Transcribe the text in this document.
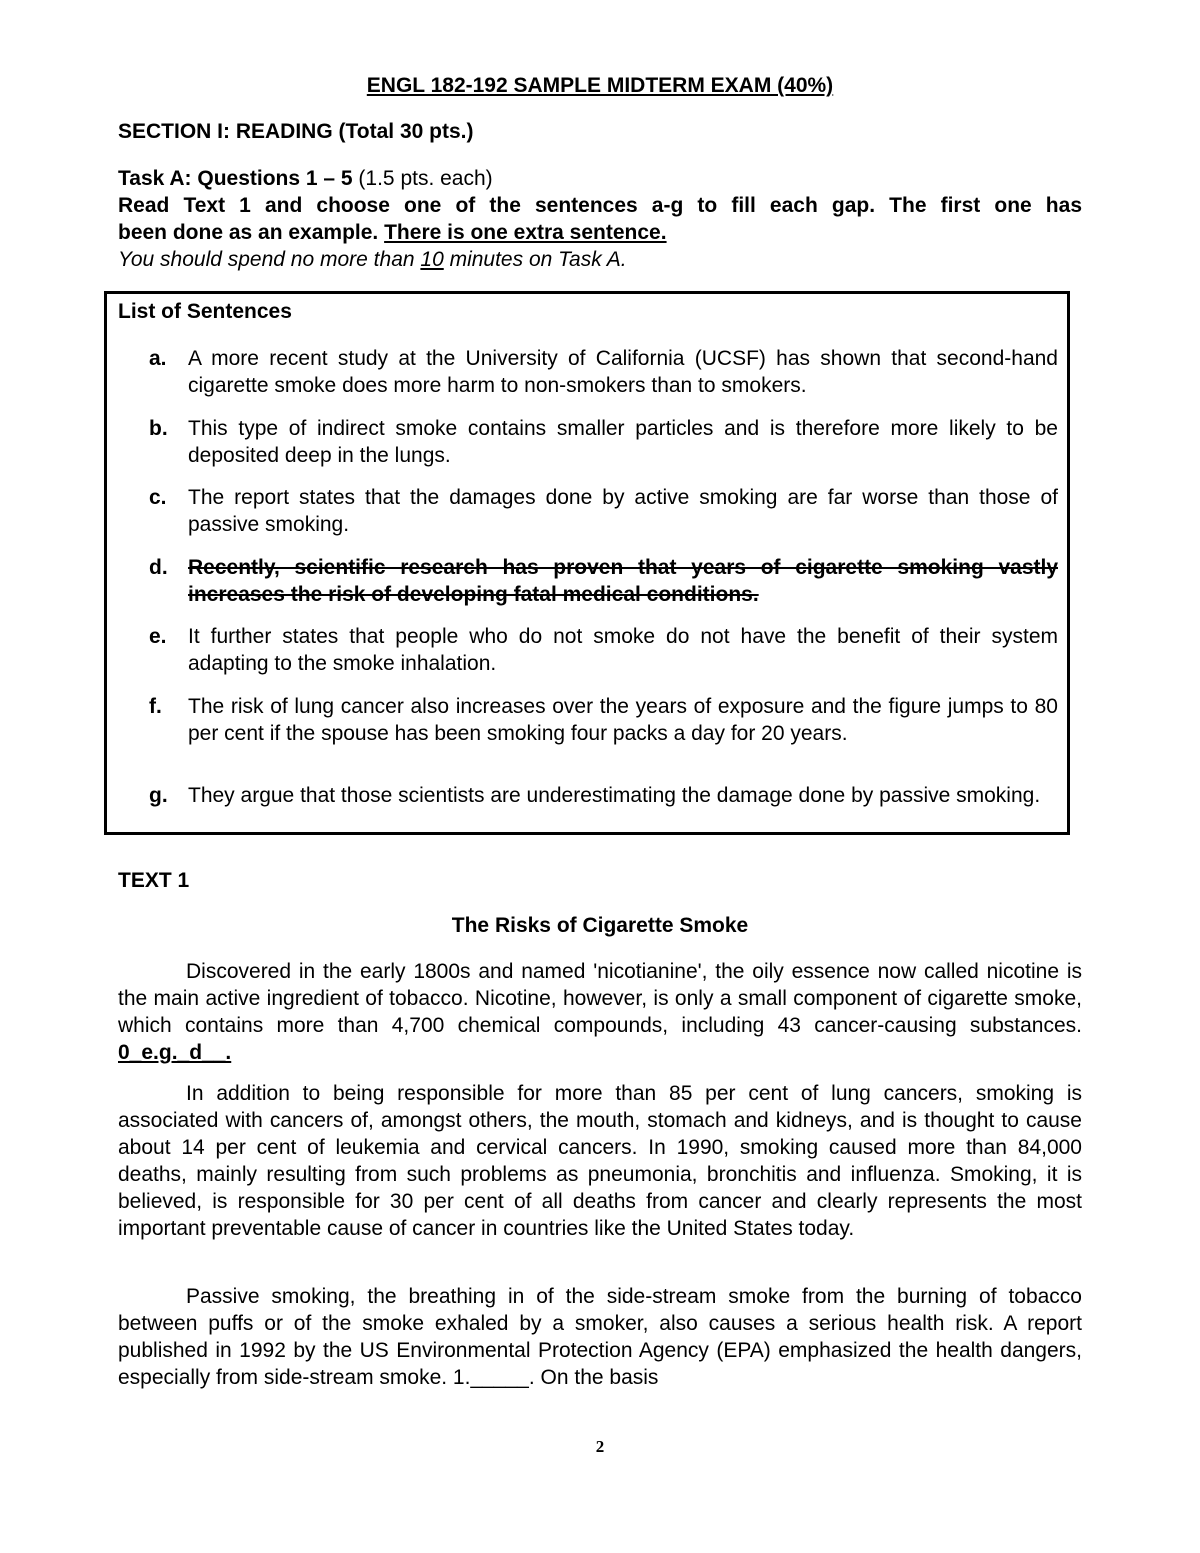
ENGL 182-192 SAMPLE MIDTERM EXAM (40%)
SECTION I: READING (Total 30 pts.)
Task A: Questions 1 – 5 (1.5 pts. each)
Read Text 1 and choose one of the sentences a-g to fill each gap. The first one has
been done as an example. There is one extra sentence.
You should spend no more than 10 minutes on Task A.
List of Sentences
a. A more recent study at the University of California (UCSF) has shown that second-hand cigarette smoke does more harm to non-smokers than to smokers.
b. This type of indirect smoke contains smaller particles and is therefore more likely to be deposited deep in the lungs.
c. The report states that the damages done by active smoking are far worse than those of passive smoking.
d. Recently, scientific research has proven that years of cigarette smoking vastly increases the risk of developing fatal medical conditions.
e. It further states that people who do not smoke do not have the benefit of their system adapting to the smoke inhalation.
f. The risk of lung cancer also increases over the years of exposure and the figure jumps to 80 per cent if the spouse has been smoking four packs a day for 20 years.
g. They argue that those scientists are underestimating the damage done by passive smoking.
TEXT 1
The Risks of Cigarette Smoke
Discovered in the early 1800s and named 'nicotianine', the oily essence now called nicotine is the main active ingredient of tobacco. Nicotine, however, is only a small component of cigarette smoke, which contains more than 4,700 chemical compounds, including 43 cancer-causing substances. 0_e.g._d__.
In addition to being responsible for more than 85 per cent of lung cancers, smoking is associated with cancers of, amongst others, the mouth, stomach and kidneys, and is thought to cause about 14 per cent of leukemia and cervical cancers. In 1990, smoking caused more than 84,000 deaths, mainly resulting from such problems as pneumonia, bronchitis and influenza. Smoking, it is believed, is responsible for 30 per cent of all deaths from cancer and clearly represents the most important preventable cause of cancer in countries like the United States today.
Passive smoking, the breathing in of the side-stream smoke from the burning of tobacco between puffs or of the smoke exhaled by a smoker, also causes a serious health risk. A report published in 1992 by the US Environmental Protection Agency (EPA) emphasized the health dangers, especially from side-stream smoke. 1._____. On the basis
2
